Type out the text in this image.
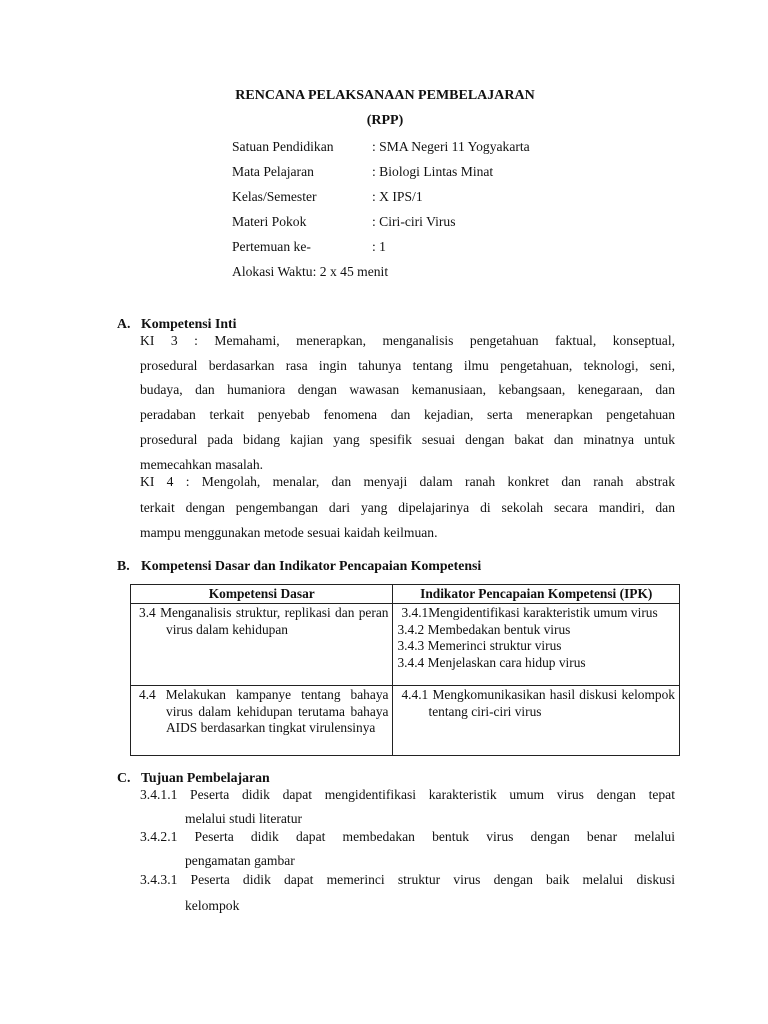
RENCANA PELAKSANAAN PEMBELAJARAN
(RPP)
Satuan Pendidikan	: SMA Negeri 11 Yogyakarta
Mata Pelajaran	: Biologi Lintas Minat
Kelas/Semester	: X IPS/1
Materi Pokok	: Ciri-ciri Virus
Pertemuan ke-	: 1
Alokasi Waktu: 2 x 45 menit
A. Kompetensi Inti
KI 3 : Memahami, menerapkan, menganalisis pengetahuan faktual, konseptual,
prosedural berdasarkan rasa ingin tahunya tentang ilmu pengetahuan, teknologi, seni,
budaya, dan humaniora dengan wawasan kemanusiaan, kebangsaan, kenegaraan, dan
peradaban terkait penyebab fenomena dan kejadian, serta menerapkan pengetahuan
prosedural pada bidang kajian yang spesifik sesuai dengan bakat dan minatnya untuk
memecahkan masalah.
KI 4 : Mengolah, menalar, dan menyaji dalam ranah konkret dan ranah abstrak
terkait dengan pengembangan dari yang dipelajarinya di sekolah secara mandiri, dan
mampu menggunakan metode sesuai kaidah keilmuan.
B. Kompetensi Dasar dan Indikator Pencapaian Kompetensi
Kompetensi Dasar	Indikator Pencapaian Kompetensi (IPK)

3.4 Menganalisis struktur, replikasi dan peran virus dalam kehidupan	3.4.1Mengidentifikasi karakteristik umum virus
3.4.2 Membedakan bentuk virus
3.4.3 Memerinci struktur virus
3.4.4 Menjelaskan cara hidup virus

4.4 Melakukan kampanye tentang bahaya virus dalam kehidupan terutama bahaya AIDS berdasarkan tingkat virulensinya	4.4.1 Mengkomunikasikan hasil diskusi kelompok tentang ciri-ciri virus
C. Tujuan Pembelajaran
3.4.1.1 Peserta didik dapat mengidentifikasi karakteristik umum virus dengan tepat
melalui studi literatur
3.4.2.1 Peserta didik dapat membedakan bentuk virus dengan benar melalui
pengamatan gambar
3.4.3.1 Peserta didik dapat memerinci struktur virus dengan baik melalui diskusi
kelompok
